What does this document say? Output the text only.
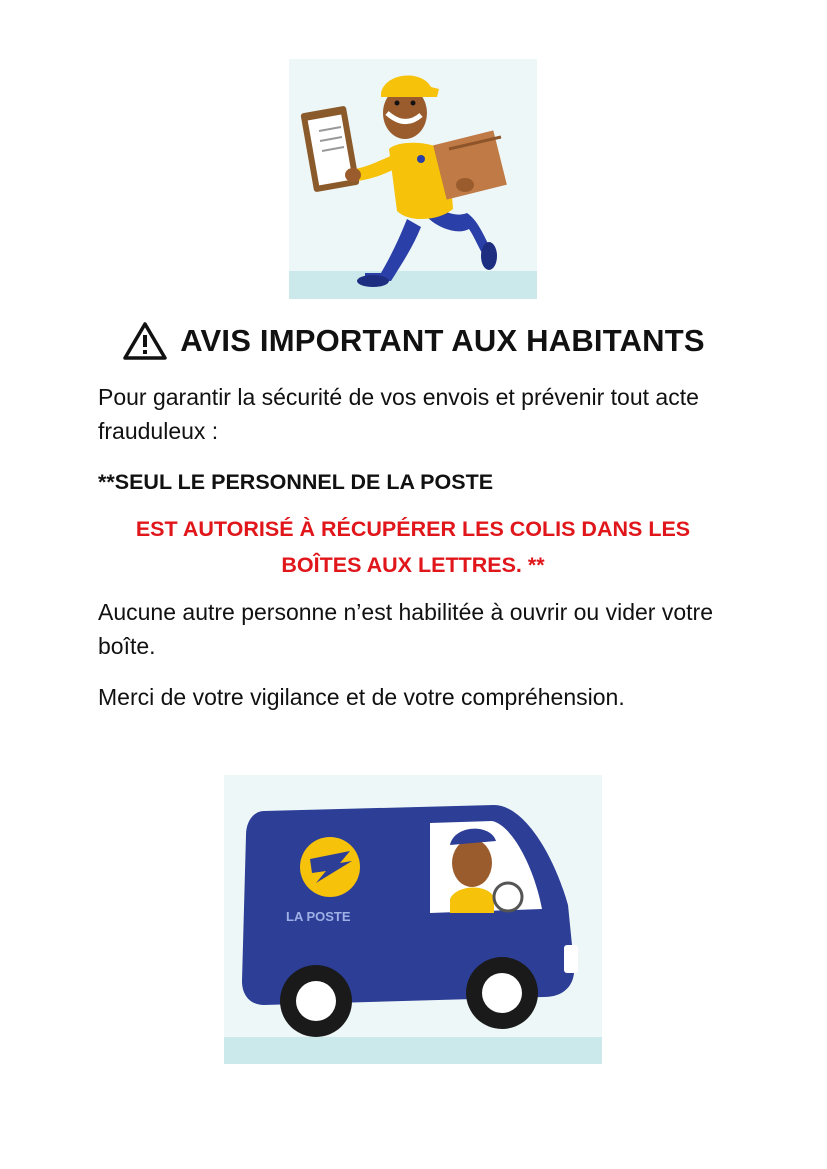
AVIS IMPORTANT AUX HABITANTS

Pour garantir la sécurité de vos envois et prévenir tout acte frauduleux :

**SEUL LE PERSONNEL DE LA POSTE

EST AUTORISÉ À RÉCUPÉRER LES COLIS DANS LES
BOÎTES AUX LETTRES. **

Aucune autre personne n’est habilitée à ouvrir ou vider votre boîte.

Merci de votre vigilance et de votre compréhension.

LA POSTE
